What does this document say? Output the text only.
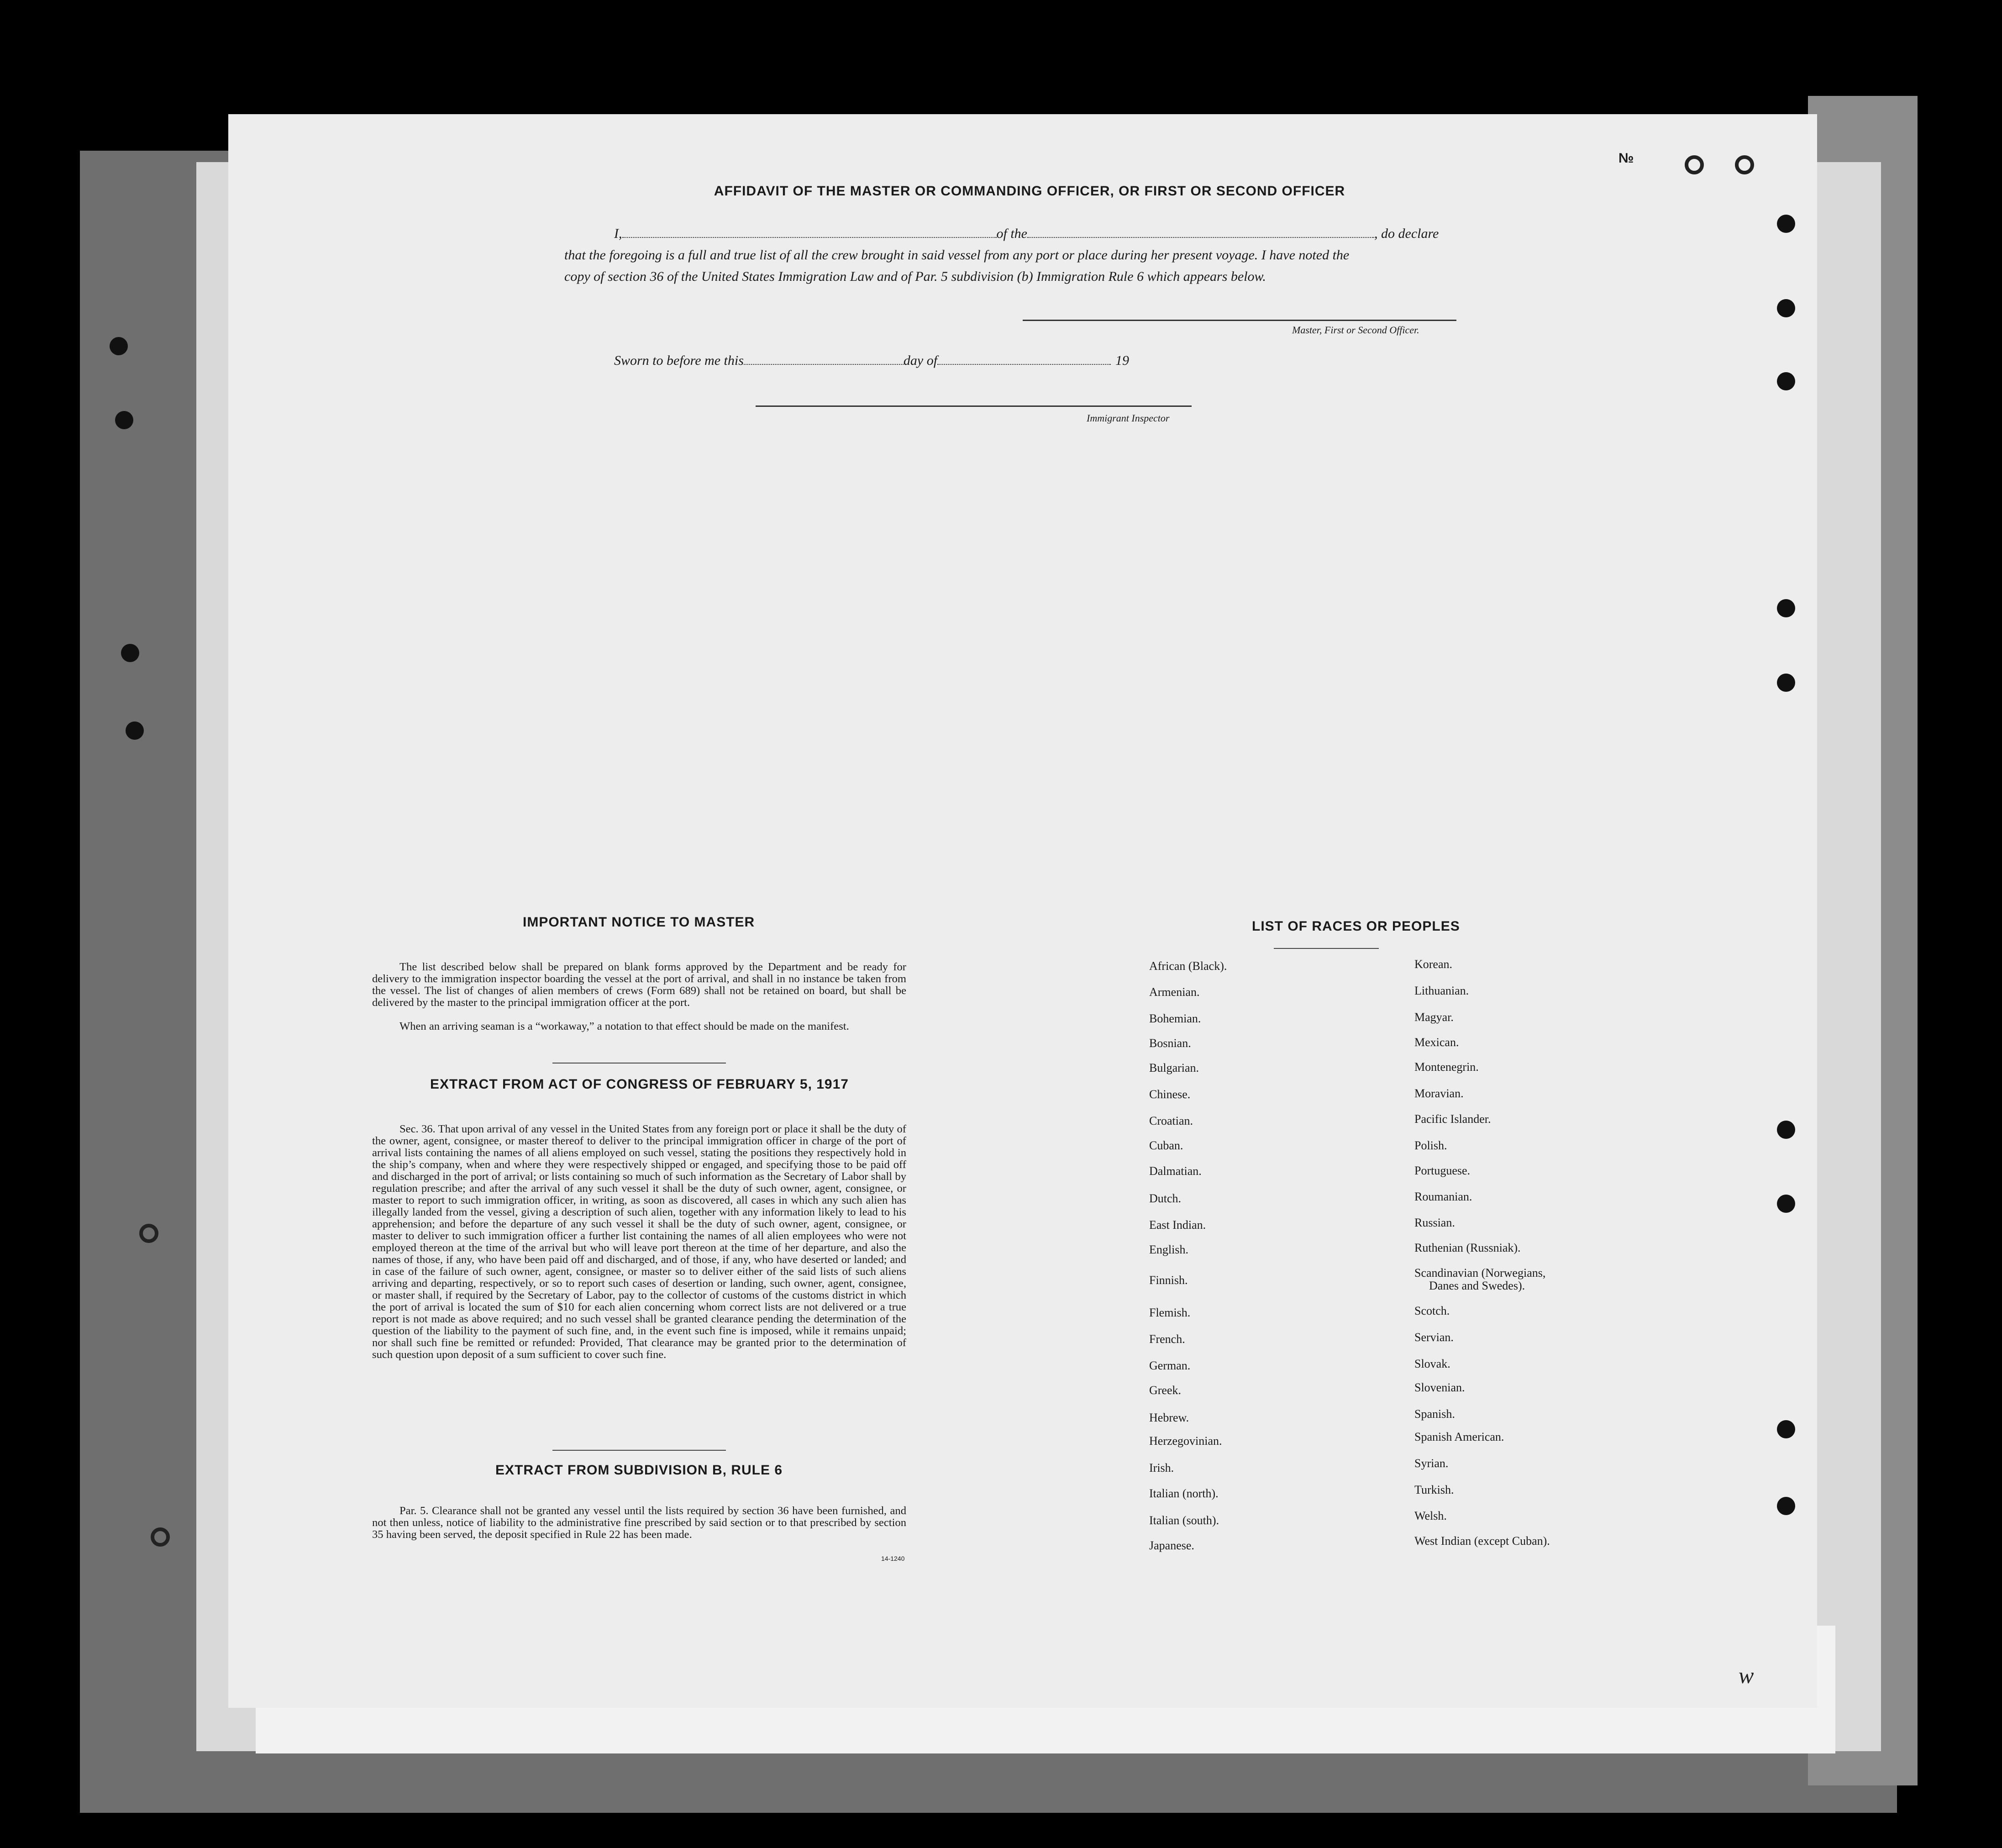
№
AFFIDAVIT OF THE MASTER OR COMMANDING OFFICER, OR FIRST OR SECOND OFFICER
I,	of the	, do declare
that the foregoing is a full and true list of all the crew brought in said vessel from any port or place during her present voyage. I have noted the
copy of section 36 of the United States Immigration Law and of Par. 5 subdivision (b) Immigration Rule 6 which appears below.
Master, First or Second Officer.
Sworn to before me this	day of	19
Immigrant Inspector
IMPORTANT NOTICE TO MASTER
The list described below shall be prepared on blank forms approved by the Department and be ready for delivery to the immigration inspector boarding the vessel at the port of arrival, and shall in no instance be taken from the vessel. The list of changes of alien members of crews (Form 689) shall not be retained on board, but shall be delivered by the master to the principal immigration officer at the port.
When an arriving seaman is a “workaway,” a notation to that effect should be made on the manifest.
EXTRACT FROM ACT OF CONGRESS OF FEBRUARY 5, 1917
Sec. 36. That upon arrival of any vessel in the United States from any foreign port or place it shall be the duty of the owner, agent, consignee, or master thereof to deliver to the principal immigration officer in charge of the port of arrival lists containing the names of all aliens employed on such vessel, stating the positions they respectively hold in the ship’s company, when and where they were respectively shipped or engaged, and specifying those to be paid off and discharged in the port of arrival; or lists containing so much of such information as the Secretary of Labor shall by regulation prescribe; and after the arrival of any such vessel it shall be the duty of such owner, agent, consignee, or master to report to such immigration officer, in writing, as soon as discovered, all cases in which any such alien has illegally landed from the vessel, giving a description of such alien, together with any information likely to lead to his apprehension; and before the departure of any such vessel it shall be the duty of such owner, agent, consignee, or master to deliver to such immigration officer a further list containing the names of all alien employees who were not employed thereon at the time of the arrival but who will leave port thereon at the time of her departure, and also the names of those, if any, who have been paid off and discharged, and of those, if any, who have deserted or landed; and in case of the failure of such owner, agent, consignee, or master so to deliver either of the said lists of such aliens arriving and departing, respectively, or so to report such cases of desertion or landing, such owner, agent, consignee, or master shall, if required by the Secretary of Labor, pay to the collector of customs of the customs district in which the port of arrival is located the sum of $10 for each alien concerning whom correct lists are not delivered or a true report is not made as above required; and no such vessel shall be granted clearance pending the determination of the question of the liability to the payment of such fine, and, in the event such fine is imposed, while it remains unpaid; nor shall such fine be remitted or refunded: Provided, That clearance may be granted prior to the determination of such question upon deposit of a sum sufficient to cover such fine.
EXTRACT FROM SUBDIVISION B, RULE 6
Par. 5. Clearance shall not be granted any vessel until the lists required by section 36 have been furnished, and not then unless, notice of liability to the administrative fine prescribed by said section or to that prescribed by section 35 having been served, the deposit specified in Rule 22 has been made.
14-1240
LIST OF RACES OR PEOPLES
African (Black).
Armenian.
Bohemian.
Bosnian.
Bulgarian.
Chinese.
Croatian.
Cuban.
Dalmatian.
Dutch.
East Indian.
English.
Finnish.
Flemish.
French.
German.
Greek.
Hebrew.
Herzegovinian.
Irish.
Italian (north).
Italian (south).
Japanese.
Korean.
Lithuanian.
Magyar.
Mexican.
Montenegrin.
Moravian.
Pacific Islander.
Polish.
Portuguese.
Roumanian.
Russian.
Ruthenian (Russniak).
Scandinavian (Norwegians,
Danes and Swedes).
Scotch.
Servian.
Slovak.
Slovenian.
Spanish.
Spanish American.
Syrian.
Turkish.
Welsh.
West Indian (except Cuban).
w
